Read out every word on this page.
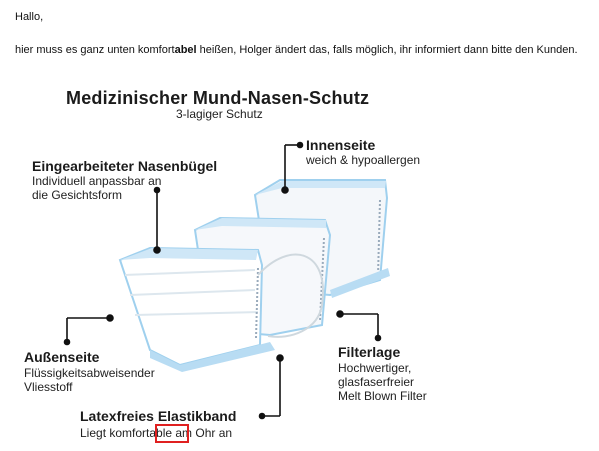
Hallo,
hier muss es ganz unten komfortabel heißen, Holger ändert das, falls möglich, ihr informiert dann bitte den Kunden.
Medizinischer Mund-Nasen-Schutz
3-lagiger Schutz
Eingearbeiteter Nasenbügel
Individuell anpassbar an
die Gesichtsform
Innenseite
weich & hypoallergen
Außenseite
Flüssigkeitsabweisender
Vliesstoff
Filterlage
Hochwertiger,
glasfaserfreier
Melt Blown Filter
Latexfreies Elastikband
Liegt komfortable am Ohr an
